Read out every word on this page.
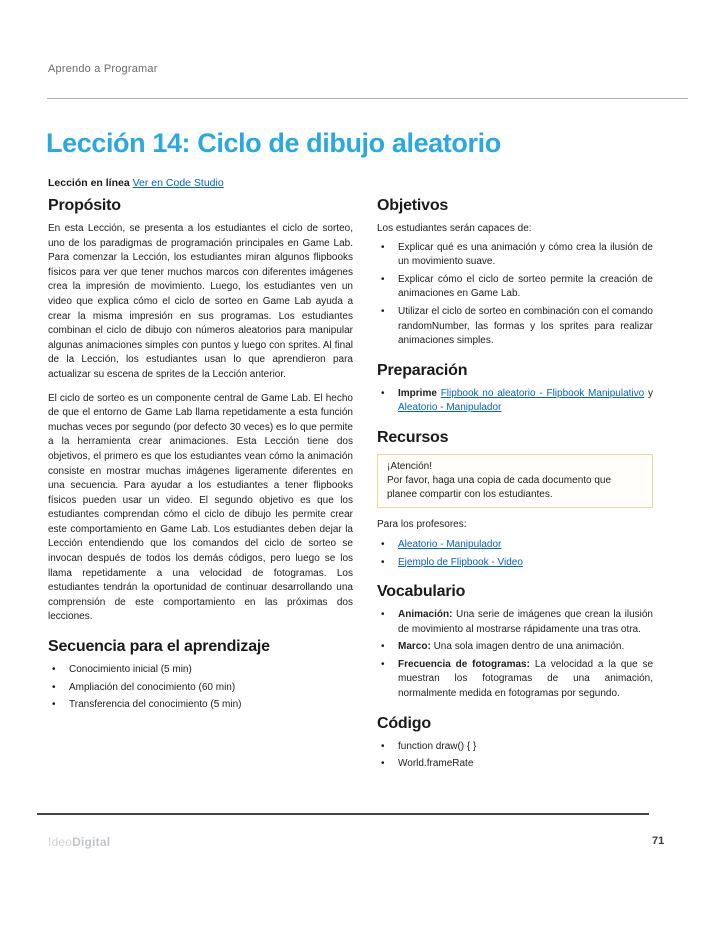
Aprendo a Programar
Lección 14: Ciclo de dibujo aleatorio
Lección en línea Ver en Code Studio
Propósito

En esta Lección, se presenta a los estudiantes el ciclo de sorteo, uno de los paradigmas de programación principales en Game Lab. Para comenzar la Lección, los estudiantes miran algunos flipbooks físicos para ver que tener muchos marcos con diferentes imágenes crea la impresión de movimiento. Luego, los estudiantes ven un video que explica cómo el ciclo de sorteo en Game Lab ayuda a crear la misma impresión en sus programas. Los estudiantes combinan el ciclo de dibujo con números aleatorios para manipular algunas animaciones simples con puntos y luego con sprites. Al final de la Lección, los estudiantes usan lo que aprendieron para actualizar su escena de sprites de la Lección anterior.

El ciclo de sorteo es un componente central de Game Lab. El hecho de que el entorno de Game Lab llama repetidamente a esta función muchas veces por segundo (por defecto 30 veces) es lo que permite a la herramienta crear animaciones. Esta Lección tiene dos objetivos, el primero es que los estudiantes vean cómo la animación consiste en mostrar muchas imágenes ligeramente diferentes en una secuencia. Para ayudar a los estudiantes a tener flipbooks físicos pueden usar un video. El segundo objetivo es que los estudiantes comprendan cómo el ciclo de dibujo les permite crear este comportamiento en Game Lab. Los estudiantes deben dejar la Lección entendiendo que los comandos del ciclo de sorteo se invocan después de todos los demás códigos, pero luego se los llama repetidamente a una velocidad de fotogramas. Los estudiantes tendrán la oportunidad de continuar desarrollando una comprensión de este comportamiento en las próximas dos lecciones.

Secuencia para el aprendizaje
• Conocimiento inicial (5 min)
• Ampliación del conocimiento (60 min)
• Transferencia del conocimiento (5 min)
Objetivos

Los estudiantes serán capaces de:

• Explicar qué es una animación y cómo crea la ilusión de un movimiento suave.
• Explicar cómo el ciclo de sorteo permite la creación de animaciones en Game Lab.
• Utilizar el ciclo de sorteo en combinación con el comando randomNumber, las formas y los sprites para realizar animaciones simples.
Preparación
• Imprime Flipbook no aleatorio - Flipbook Manipulativo y Aleatorio - Manipulador
Recursos
¡Atención!
Por favor, haga una copia de cada documento que planee compartir con los estudiantes.

Para los profesores:

• Aleatorio - Manipulador
• Ejemplo de Flipbook - Video
Vocabulario
• Animación: Una serie de imágenes que crean la ilusión de movimiento al mostrarse rápidamente una tras otra.
• Marco: Una sola imagen dentro de una animación.
• Frecuencia de fotogramas: La velocidad a la que se muestran los fotogramas de una animación, normalmente medida en fotogramas por segundo.
Código
• function draw() { }
• World.frameRate
IdeoDigital	71
